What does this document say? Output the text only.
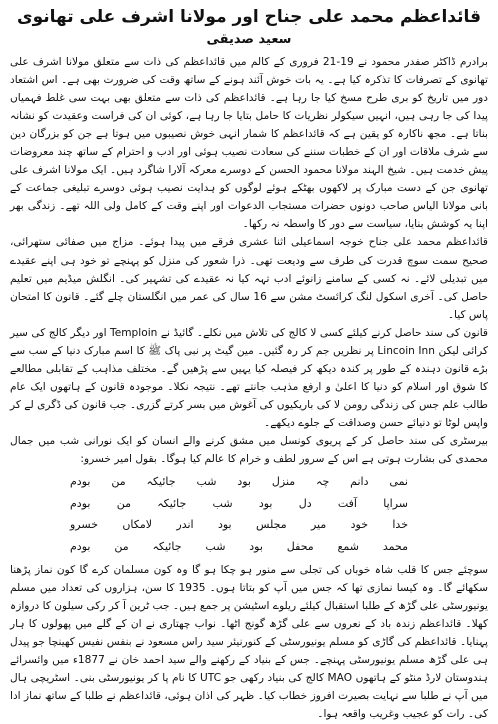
قائداعظم محمد علی جناح اور مولانا اشرف علی تھانوی
سعید صدیقی

برادرم ڈاکٹر صفدر محمود نے 19-21 فروری کے کالم میں قائداعظم کی ذات سے متعلق مولانا اشرف علی تھانوی کے تصرفات کا تذکرہ کیا ہے۔ یہ بات خوش آئند ہونے کے ساتھ وقت کی ضرورت بھی ہے۔ اس اشتعاد دور میں تاریخ کو بری طرح مسخ کیا جا رہا ہے۔ قائداعظم کی ذات سے متعلق بھی بہت سی غلط فہمیاں پیدا کی جا رہی ہیں، انہیں سیکولر نظریات کا حامل بتایا جا رہا ہے، کوئی ان کی فراست وعقیدت کو نشانہ بناتا ہے۔ مجھ ناکارہ کو یقین ہے کہ قائداعظم کا شمار انہی خوش نصیبوں میں ہوتا ہے جن کو بزرگان دین سے شرف ملاقات اور ان کے خطبات سننے کی سعادت نصیب ہوئی اور ادب و احترام کے ساتھ چند معروضات پیش خدمت ہیں۔ شیخ الہند مولانا محمود الحسن کے دوسرے معرکہ آلارا شاگرد ہیں۔ ایک مولانا اشرف علی تھانوی جن کے دست مبارک پر لاکھوں بھٹکے ہوئے لوگوں کو ہدایت نصیب ہوئی دوسرے تبلیغی جماعت کے بانی مولانا الیاس صاحب دونوں حضرات مستجاب الدعوات اور اپنے وقت کے کامل ولی اللہ تھے۔ زندگی بھر اپنا یہ کوشش بنایا، سیاست سے دور کا واسطہ نہ رکھا۔

قائداعظم محمد علی جناح خوجہ اسماعیلی اثنا عشری فرقے میں پیدا ہوئے۔ مزاج میں صفائی ستھرائی، صحیح سمت سوچ قدرت کی طرف سے ودیعت تھی۔ ذرا شعور کی منزل کو پہنچے تو خود ہی اپنے عقیدے میں تبدیلی لائے۔ نہ کسی کے سامنے زانوئے ادب تہہ کیا نہ عقیدے کی تشہیر کی۔ انگلش میڈیم میں تعلیم حاصل کی۔ آخری اسکول لنگ کرائسٹ مشن سے 16 سال کی عمر میں انگلستان چلے گئے۔ قانون کا امتحان پاس کیا۔

قانون کی سند حاصل کرنے کیلئے کسی لا کالج کی تلاش میں نکلے۔ گائیڈ نے Temploin اور دیگر کالج کی سیر کرائی لیکن Lincoin Inn پر نظریں جم کر رہ گئیں۔ مین گیٹ پر نبی پاک ﷺ کا اسم مبارک دنیا کے سب سے بڑے قانون دہندہ کے طور پر کندہ دیکھ کر فیصلہ کیا یہیں سے پڑھیں گے۔ مختلف مذاہب کے تقابلی مطالعے کا شوق اور اسلام کو دنیا کا اعلیٰ و ارفع مذہب جانتے تھے۔ نتیجہ نکلا۔ موجودہ قانون کے ہاتھوں ایک عام طالب علم جس کی زندگی رومن لا کی باریکیوں کی آغوش میں بسر کرتے گزری۔ جب قانون کی ڈگری لے کر واپس لوٹا تو دنیائے حسن وصداقت کے جلوے دیکھے۔

بیرسٹری کی سند حاصل کر کے پریوی کونسل میں مشق کرنے والے انسان کو ایک نورانی شب میں جمال محمدی کی بشارت ہوتی ہے اس کے سرور لطف و خرام کا عالم کیا ہوگا۔ بقول امیر خسرو:

نمی دانم چہ منزل بود شب جائیکہ من بودم
سراپا آفت دل بود شب جائیکہ من بودم
خدا خود میر مجلس بود اندر لامکاں خسرو
محمد شمع محفل بود شب جائیکہ من بودم

سوچئے جس کا قلب شاہ خوباں کی تجلی سے منور ہو چکا ہو گا وہ کون مسلمان کرے گا کون نماز پڑھنا سکھائے گا۔ وہ کیسا نمازی تھا کہ جس میں آپ کو بتاتا ہوں۔ 1935 کا سن، ہزاروں کی تعداد میں مسلم یونیورسٹی علی گڑھ کے طلبا استقبال کیلئے ریلوے اسٹیشن پر جمع ہیں۔ جب ٹرین آ کر رکی سیلون کا دروازہ کھلا۔ قائداعظم زندہ باد کے نعروں سے علی گڑھ گونج اٹھا۔ نواب چھتاری نے ان کے گلے میں پھولوں کا ہار پہنایا۔ قائداعظم کی گاڑی کو مسلم یونیورسٹی کے کنورنیئر سید راس مسعود نے بنفس نفیس کھینچا جو پیدل ہی علی گڑھ مسلم یونیورسٹی پہنچے۔ جس کے بنیاد کے رکھنے والے سید احمد خان نے 1877ء میں وائسرائے ہندوستان لارڈ منٹو کے ہاتھوں MAO کالج کی بنیاد رکھی جو UTC کا نام پا کر یونیورسٹی بنی۔ اسٹریچی ہال میں آپ نے طلبا سے نہایت بصیرت افروز خطاب کیا۔ ظہر کی اذان ہوئی، قائداعظم نے طلبا کے ساتھ نماز ادا کی۔ رات کو عجیب وغریب واقعہ ہوا۔
